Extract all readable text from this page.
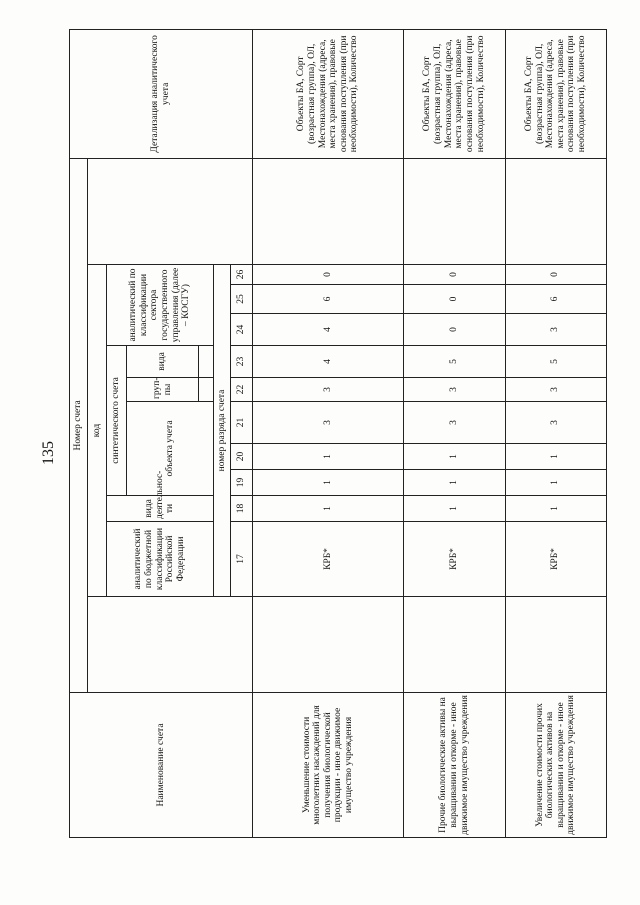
135
Наименование счета	Номер счета												Детализация аналитического учета
		код											
		аналитический по бюджетной классификации Российской Федерации	вида деятельнос-ти	синтетического счета					аналитический по классификации сектора государственного управления (далее – КОСГУ)				
				объекта учета			груп-пы	вида					

		номер разряда счета											
		17	18	19	20	21	22	23	24	25	26		
Уменьшение стоимости многолетних насаждений для получения биологической продукции - иное движимое имущество учреждения		КРБ*	1	1	1	3	3	4	4	6	0		Объекты БА, Сорт (возрастная группа), ОЛ, Местонахождения (адреса, места хранения), правовые основания поступления (при необходимости), Количество
Прочие биологические активы на выращивании и откорме - иное движимое имущество учреждения		КРБ*	1	1	1	3	3	5	0	0	0		Объекты БА, Сорт (возрастная группа), ОЛ, Местонахождения (адреса, места хранения), правовые основания поступления (при необходимости), Количество
Увеличение стоимости прочих биологических активов на выращивании и откорме - иное движимое имущество учреждения		КРБ*	1	1	1	3	3	5	3	6	0		Объекты БА, Сорт (возрастная группа), ОЛ, Местонахождения (адреса, места хранения), правовые основания поступления (при необходимости), Количество
